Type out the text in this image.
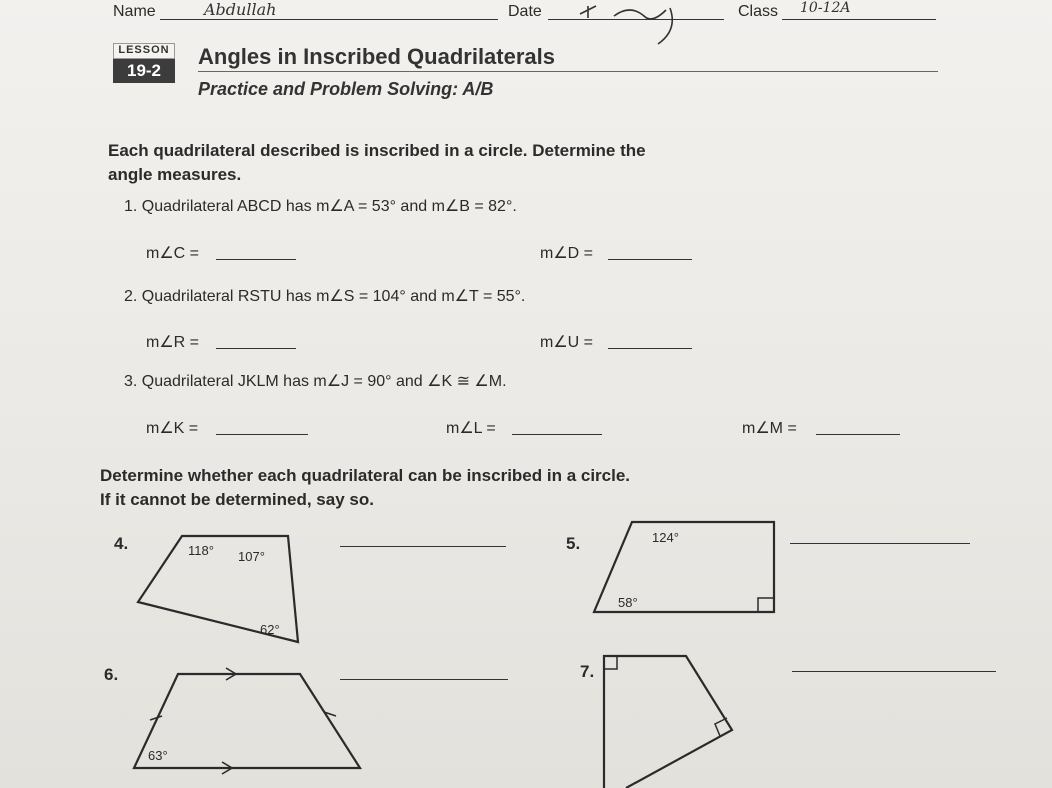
Name	Abdullah	Date	Class 10-12A
LESSON
19-2
Angles in Inscribed Quadrilaterals
Practice and Problem Solving: A/B
Each quadrilateral described is inscribed in a circle. Determine the
angle measures.
1. Quadrilateral ABCD has m∠A = 53° and m∠B = 82°.
m∠C =	m∠D =
2. Quadrilateral RSTU has m∠S = 104° and m∠T = 55°.
m∠R =	m∠U =
3. Quadrilateral JKLM has m∠J = 90° and ∠K ≅ ∠M.
m∠K =	m∠L =	m∠M =
Determine whether each quadrilateral can be inscribed in a circle.
If it cannot be determined, say so.
4.	118° 107°
62°
5.	124°
58°
6.
63°
7.
